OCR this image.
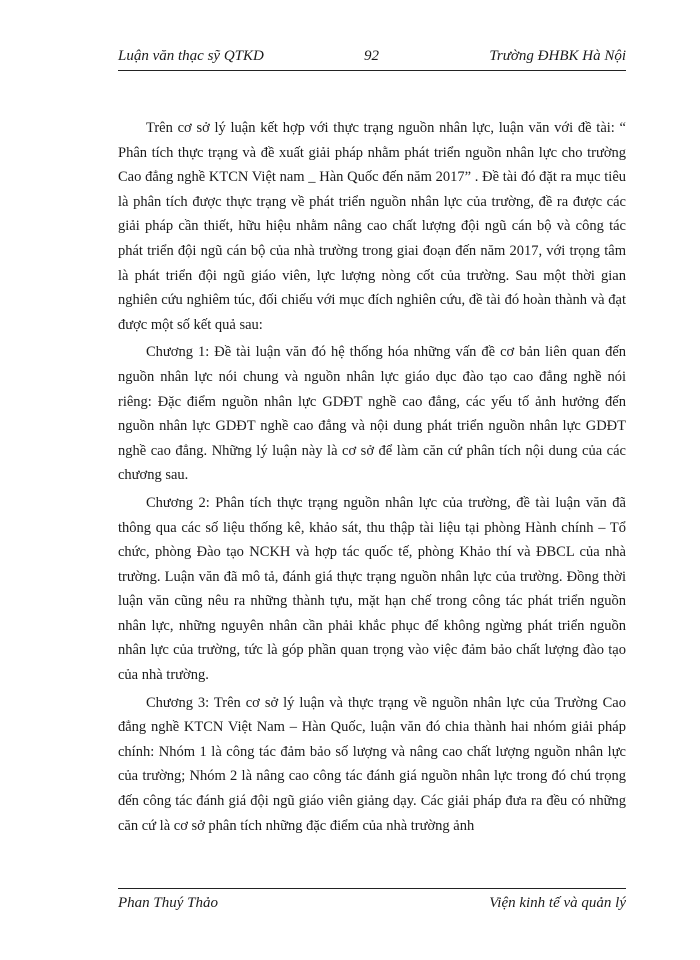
Luận văn thạc sỹ QTKD	92	Trường ĐHBK Hà Nội

Trên cơ sở lý luận kết hợp với thực trạng nguồn nhân lực, luận văn với đề tài: “ Phân tích thực trạng và đề xuất giải pháp nhằm phát triển nguồn nhân lực cho trường Cao đẳng nghề KTCN Việt nam _ Hàn Quốc đến năm 2017” . Đề tài đó đặt ra mục tiêu là phân tích được thực trạng về phát triển nguồn nhân lực của trường, đề ra được các giải pháp cần thiết, hữu hiệu nhằm nâng cao chất lượng đội ngũ cán bộ và công tác phát triển đội ngũ cán bộ của nhà trường trong giai đoạn đến năm 2017, với trọng tâm là phát triển đội ngũ giáo viên, lực lượng nòng cốt của trường. Sau một thời gian nghiên cứu nghiêm túc, đối chiếu với mục đích nghiên cứu, đề tài đó hoàn thành và đạt được một số kết quả sau:

Chương 1: Đề tài luận văn đó hệ thống hóa những vấn đề cơ bản liên quan đến nguồn nhân lực nói chung và nguồn nhân lực giáo dục đào tạo cao đẳng nghề nói riêng: Đặc điểm nguồn nhân lực GDĐT nghề cao đẳng, các yếu tố ảnh hưởng đến nguồn nhân lực GDĐT nghề cao đẳng và nội dung phát triển nguồn nhân lực GDĐT nghề cao đẳng. Những lý luận này là cơ sở để làm căn cứ phân tích nội dung của các chương sau.

Chương 2: Phân tích thực trạng nguồn nhân lực của trường, đề tài luận văn đã thông qua các số liệu thống kê, khảo sát, thu thập tài liệu tại phòng Hành chính – Tổ chức, phòng Đào tạo NCKH và hợp tác quốc tế, phòng Khảo thí và ĐBCL của nhà trường. Luận văn đã mô tả, đánh giá thực trạng nguồn nhân lực của trường. Đồng thời luận văn cũng nêu ra những thành tựu, mặt hạn chế trong công tác phát triển nguồn nhân lực, những nguyên nhân cần phải khắc phục để không ngừng phát triển nguồn nhân lực của trường, tức là góp phần quan trọng vào việc đảm bảo chất lượng đào tạo của nhà trường.

Chương 3: Trên cơ sở lý luận và thực trạng về nguồn nhân lực của Trường Cao đẳng nghề KTCN Việt Nam – Hàn Quốc, luận văn đó chia thành hai nhóm giải pháp chính: Nhóm 1 là công tác đảm bảo số lượng và nâng cao chất lượng nguồn nhân lực của trường; Nhóm 2 là nâng cao công tác đánh giá nguồn nhân lực trong đó chú trọng đến công tác đánh giá đội ngũ giáo viên giảng dạy. Các giải pháp đưa ra đều có những căn cứ là cơ sở phân tích những đặc điểm của nhà trường ảnh

Phan Thuý Thảo	Viện kinh tế và quản lý
